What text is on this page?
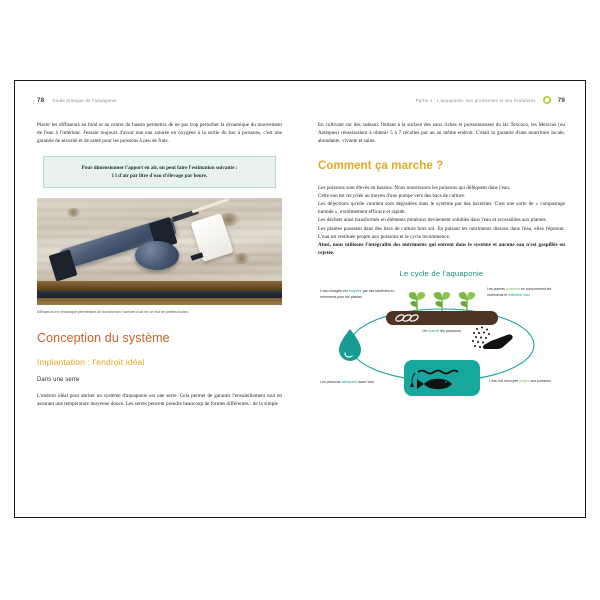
78 Guide pratique de l'aquaponie

Placer les diffuseurs au fond et au centre du bassin permettra de ne pas trop perturber la dynamique du mouvement de l'eau à l'intérieur. J'essaie toujours d'avoir une eau saturée en oxygène à la sortie du bac à poissons, c'est une garantie de sécurité et de santé pour les poissons à peu de frais.

Pour dimensionner l'apport en air, on peut faire l'estimation suivante :
1 l d'air par litre d'eau d'élevage par heure.
Diffuseurs en céramique permettant de transformer l'arrivée d'air en un flot de petites bulles.
Conception du système
Implantation : l'endroit idéal
Dans une serre

L'endroit idéal pour abriter un système d'aquaponie est une serre. Cela permet de garantir l'ensoleillement tout en assurant une température moyenne douce. Les serres peuvent prendre beaucoup de formes différentes : de la simple

Partie 1 : L'aquaponie, ses promesses et ses évolutions	79

En cultivant sur des radeaux flottant à la surface des eaux riches et poissonneuses du lac Texcoco, les Mexicas (ou Aztèques) réussissaient à obtenir 5 à 7 récoltes par an au même endroit. C'était la garantie d'une nourriture locale, abondante, vivante et saine.

Comment ça marche ?

Les poissons sont élevés en bassins. Nous nourrissons les poissons qui défèquent dans l'eau.

Cette eau est recyclée au moyen d'une pompe vers des bacs de culture.

Les déjections qu'elle contient sont dégradées dans le système par des bactéries. C'est une sorte de « compostage humide », extrêmement efficace et rapide.

Les déchets ainsi transformés en éléments minéraux deviennent solubles dans l'eau et accessibles aux plantes.

Les plantes poussent dans des bacs de culture hors sol. En puisant les nutriments dissous dans l'eau, elles l'épurent. L'eau est restituée propre aux poissons et le cycle recommence.

Ainsi, nous utilisons l'intégralité des nutriments qui entrent dans le système et aucune eau n'est gaspillée ou rejetée.

Le cycle de l'aquaponie
L'eau chargée est recyclée par des bactéries en nutriments pour les plantes
Les plantes croissent en consommant les nutriments et nettoient l'eau
On nourrit les poissons
Les poissons défèquent dans l'eau	L'eau est renvoyée propre aux poissons
